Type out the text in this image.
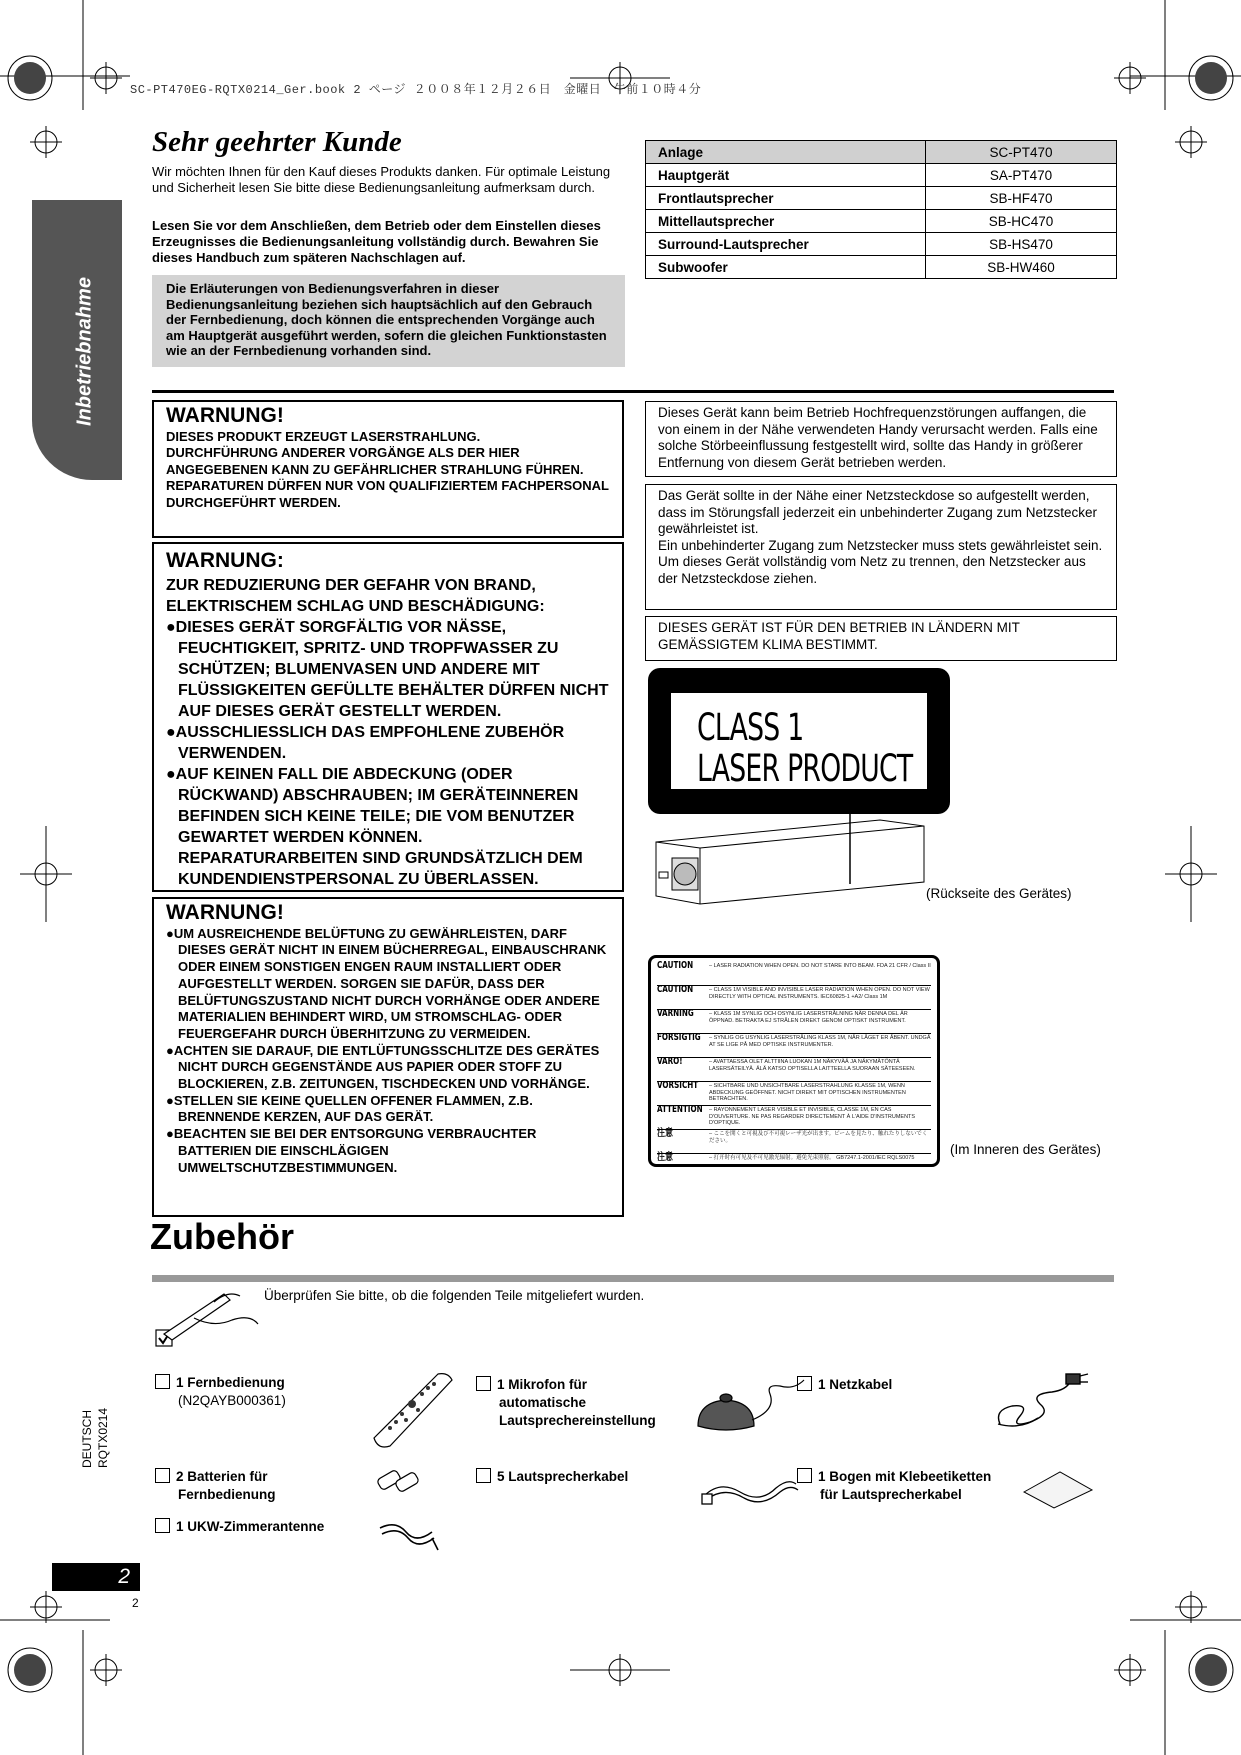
SC-PT470EG-RQTX0214_Ger.book 2 ページ ２００８年１２月２６日　金曜日　午前１０時４分
Inbetriebnahme
Sehr geehrter Kunde
Wir möchten Ihnen für den Kauf dieses Produkts danken. Für optimale Leistung und Sicherheit lesen Sie bitte diese Bedienungsanleitung aufmerksam durch.
Lesen Sie vor dem Anschließen, dem Betrieb oder dem Einstellen dieses Erzeugnisses die Bedienungsanleitung vollständig durch. Bewahren Sie dieses Handbuch zum späteren Nachschlagen auf.
Die Erläuterungen von Bedienungsverfahren in dieser Bedienungsanleitung beziehen sich hauptsächlich auf den Gebrauch der Fernbedienung, doch können die entsprechenden Vorgänge auch am Hauptgerät ausgeführt werden, sofern die gleichen Funktionstasten wie an der Fernbedienung vorhanden sind.
Anlage	SC-PT470
Hauptgerät	SA-PT470
Frontlautsprecher	SB-HF470
Mittellautsprecher	SB-HC470
Surround-Lautsprecher	SB-HS470
Subwoofer	SB-HW460
WARNUNG!
DIESES PRODUKT ERZEUGT LASERSTRAHLUNG.
DURCHFÜHRUNG ANDERER VORGÄNGE ALS DER HIER ANGEGEBENEN KANN ZU GEFÄHRLICHER STRAHLUNG FÜHREN.
REPARATUREN DÜRFEN NUR VON QUALIFIZIERTEM FACHPERSONAL DURCHGEFÜHRT WERDEN.
WARNUNG:
ZUR REDUZIERUNG DER GEFAHR VON BRAND, ELEKTRISCHEM SCHLAG UND BESCHÄDIGUNG:
●DIESES GERÄT SORGFÄLTIG VOR NÄSSE, FEUCHTIGKEIT, SPRITZ- UND TROPFWASSER ZU SCHÜTZEN; BLUMENVASEN UND ANDERE MIT FLÜSSIGKEITEN GEFÜLLTE BEHÄLTER DÜRFEN NICHT AUF DIESES GERÄT GESTELLT WERDEN.
●AUSSCHLIESSLICH DAS EMPFOHLENE ZUBEHÖR VERWENDEN.
●AUF KEINEN FALL DIE ABDECKUNG (ODER RÜCKWAND) ABSCHRAUBEN; IM GERÄTEINNEREN BEFINDEN SICH KEINE TEILE; DIE VOM BENUTZER GEWARTET WERDEN KÖNNEN.
REPARATURARBEITEN SIND GRUNDSÄTZLICH DEM KUNDENDIENSTPERSONAL ZU ÜBERLASSEN.
WARNUNG!
●UM AUSREICHENDE BELÜFTUNG ZU GEWÄHRLEISTEN, DARF DIESES GERÄT NICHT IN EINEM BÜCHERREGAL, EINBAUSCHRANK ODER EINEM SONSTIGEN ENGEN RAUM INSTALLIERT ODER AUFGESTELLT WERDEN. SORGEN SIE DAFÜR, DASS DER BELÜFTUNGSZUSTAND NICHT DURCH VORHÄNGE ODER ANDERE MATERIALIEN BEHINDERT WIRD, UM STROMSCHLAG- ODER FEUERGEFAHR DURCH ÜBERHITZUNG ZU VERMEIDEN.
●ACHTEN SIE DARAUF, DIE ENTLÜFTUNGSSCHLITZE DES GERÄTES NICHT DURCH GEGENSTÄNDE AUS PAPIER ODER STOFF ZU BLOCKIEREN, Z.B. ZEITUNGEN, TISCHDECKEN UND VORHÄNGE.
●STELLEN SIE KEINE QUELLEN OFFENER FLAMMEN, Z.B. BRENNENDE KERZEN, AUF DAS GERÄT.
●BEACHTEN SIE BEI DER ENTSORGUNG VERBRAUCHTER BATTERIEN DIE EINSCHLÄGIGEN UMWELTSCHUTZBESTIMMUNGEN.
Dieses Gerät kann beim Betrieb Hochfrequenzstörungen auffangen, die von einem in der Nähe verwendeten Handy verursacht werden. Falls eine solche Störbeeinflussung festgestellt wird, sollte das Handy in größerer Entfernung von diesem Gerät betrieben werden.
Das Gerät sollte in der Nähe einer Netzsteckdose so aufgestellt werden, dass im Störungsfall jederzeit ein unbehinderter Zugang zum Netzstecker gewährleistet ist.
Ein unbehinderter Zugang zum Netzstecker muss stets gewährleistet sein.
Um dieses Gerät vollständig vom Netz zu trennen, den Netzstecker aus der Netzsteckdose ziehen.
DIESES GERÄT IST FÜR DEN BETRIEB IN LÄNDERN MIT GEMÄSSIGTEM KLIMA BESTIMMT.
CLASS 1
LASER PRODUCT
(Rückseite des Gerätes)
CAUTION	– LASER RADIATION WHEN OPEN. DO NOT STARE INTO BEAM. FDA 21 CFR / Class II
CAUTION	– CLASS 1M VISIBLE AND INVISIBLE LASER RADIATION WHEN OPEN. DO NOT VIEW DIRECTLY WITH OPTICAL INSTRUMENTS. IEC60825-1 +A2/ Class 1M
VARNING	– KLASS 1M SYNLIG OCH OSYNLIG LASERSTRÅLNING NÄR DENNA DEL ÄR ÖPPNAD. BETRAKTA EJ STRÅLEN DIREKT GENOM OPTISKT INSTRUMENT.
FORSIGTIG – SYNLIG OG USYNLIG LASERSTRÅLING KLASS 1M, NÅR LÅGET ER ÅBENT. UNDGÅ AT SE LIGE PÅ MED OPTISKE INSTRUMENTER.
VARO!	– AVATTAESSA OLET ALTTIINA LUOKAN 1M NÄKYVÄÄ JA NÄKYMÄTÖNTÄ LASERSÄTEILYÄ. ÄLÄ KATSO OPTISELLA LAITTEELLA SUORAAN SÄTEESEEN.
VORSICHT – SICHTBARE UND UNSICHTBARE LASERSTRAHLUNG KLASSE 1M, WENN ABDECKUNG GEÖFFNET. NICHT DIREKT MIT OPTISCHEN INSTRUMENTEN BETRACHTEN.
ATTENTION – RAYONNEMENT LASER VISIBLE ET INVISIBLE, CLASSE 1M, EN CAS D'OUVERTURE. NE PAS REGARDER DIRECTEMENT À L'AIDE D'INSTRUMENTS D'OPTIQUE.
注意	– ここを開くと可視及び不可視レーザ光が出ます。ビームを見たり、触れたりしないでください。
注意	– 打开时有可见及不可见激光辐射。避免光束照射。 GB7247.1-2001/IEC RQLS0075
(Im Inneren des Gerätes)
Zubehör
Überprüfen Sie bitte, ob die folgenden Teile mitgeliefert wurden.
1 Fernbedienung
(N2QAYB000361)
1 Mikrofon für
automatische
Lautsprechereinstellung
1 Netzkabel
2 Batterien für
Fernbedienung
5 Lautsprecherkabel	1 Bogen mit Klebeetiketten
für Lautsprecherkabel
1 UKW-Zimmerantenne
DEUTSCH RQTX0214
2
2
